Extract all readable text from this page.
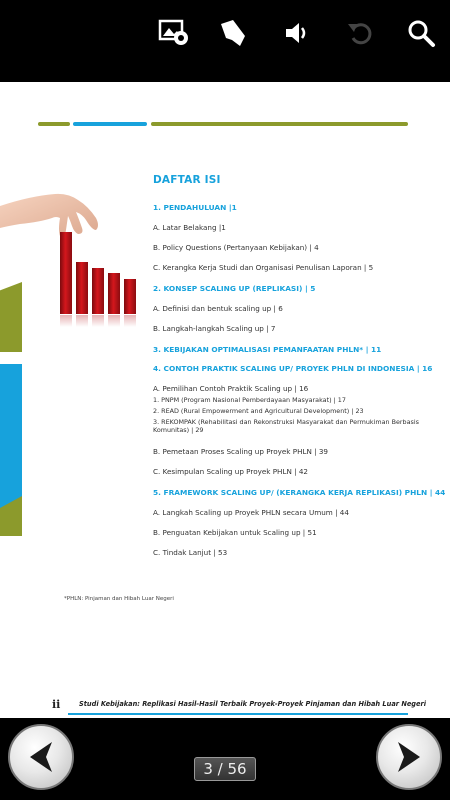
DAFTAR ISI
1. PENDAHULUAN |1
A. Latar Belakang |1
B. Policy Questions (Pertanyaan Kebijakan) | 4
C. Kerangka Kerja Studi dan Organisasi Penulisan Laporan | 5
2. KONSEP SCALING UP (REPLIKASI) | 5
A. Definisi dan bentuk scaling up | 6
B. Langkah-langkah Scaling up | 7
3. KEBIJAKAN OPTIMALISASI PEMANFAATAN PHLN* | 11
4. CONTOH PRAKTIK SCALING UP/ PROYEK PHLN DI INDONESIA | 16
A. Pemilihan Contoh Praktik Scaling up | 16
1. PNPM (Program Nasional Pemberdayaan Masyarakat) | 17
2. READ (Rural Empowerment and Agricultural Development) | 23
3. REKOMPAK (Rehabilitasi dan Rekonstruksi Masyarakat dan Permukiman Berbasis Komunitas) | 29
B. Pemetaan Proses Scaling up Proyek PHLN | 39
C. Kesimpulan Scaling up Proyek PHLN | 42
5. FRAMEWORK SCALING UP/ (KERANGKA KERJA REPLIKASI) PHLN | 44
A. Langkah Scaling up Proyek PHLN secara Umum | 44
B. Penguatan Kebijakan untuk Scaling up | 51
C. Tindak Lanjut | 53
*PHLN: Pinjaman dan Hibah Luar Negeri
ii	Studi Kebijakan: Replikasi Hasil-Hasil Terbaik Proyek-Proyek Pinjaman dan Hibah Luar Negeri
3 / 56
